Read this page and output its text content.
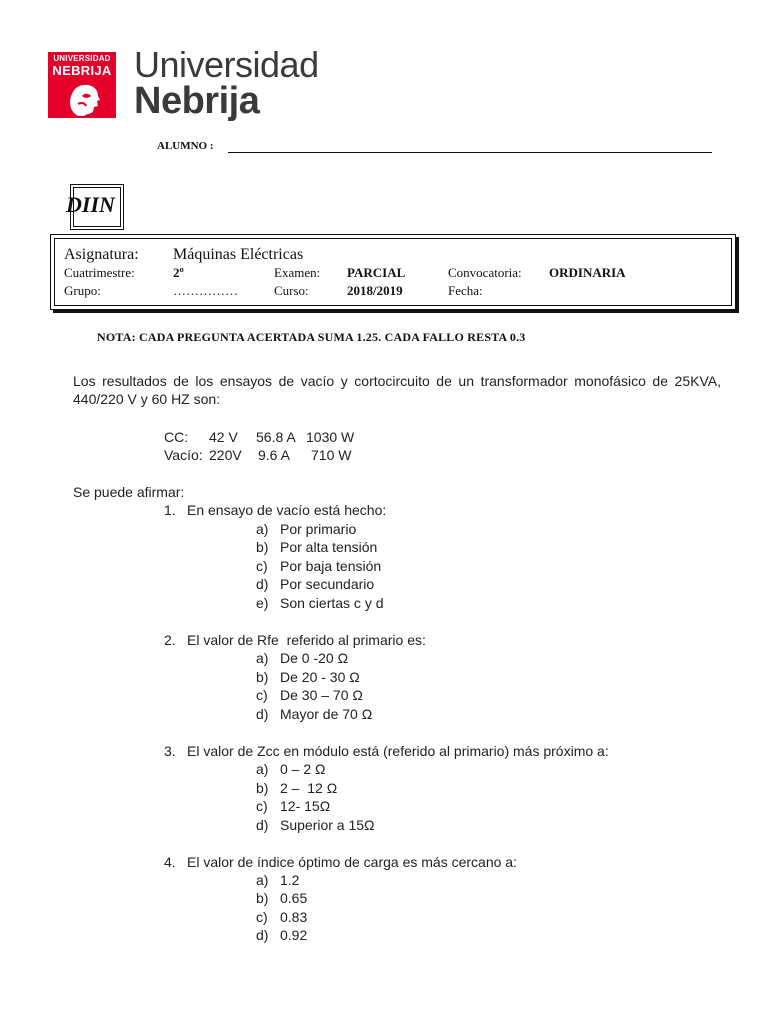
UNIVERSIDAD
NEBRIJA Universidad
Nebrija
ALUMNO :
DIIN
Asignatura: Máquinas Eléctricas
Cuatrimestre:	2º	Examen: PARCIAL	Convocatoria: ORDINARIA
Grupo:	……………	Curso:	2018/2019	Fecha:
NOTA: CADA PREGUNTA ACERTADA SUMA 1.25. CADA FALLO RESTA 0.3
Los resultados de los ensayos de vacío y cortocircuito de un transformador monofásico de 25KVA, 440/220 V y 60 HZ son:
CC: 42 V 56.8 A 1030 W
Vacío: 220V 9.6 A 710 W
Se puede afirmar:
1. En ensayo de vacío está hecho:
a) Por primario
b) Por alta tensión
c) Por baja tensión
d) Por secundario
e) Son ciertas c y d
2. El valor de Rfe  referido al primario es:
a) De 0 -20 Ω
b) De 20 - 30 Ω
c) De 30 – 70 Ω
d) Mayor de 70 Ω
3. El valor de Zcc en módulo está (referido al primario) más próximo a:
a) 0 – 2 Ω
b) 2 –  12 Ω
c) 12- 15Ω
d) Superior a 15Ω
4. El valor de índice óptimo de carga es más cercano a:
a) 1.2
b) 0.65
c) 0.83
d) 0.92
